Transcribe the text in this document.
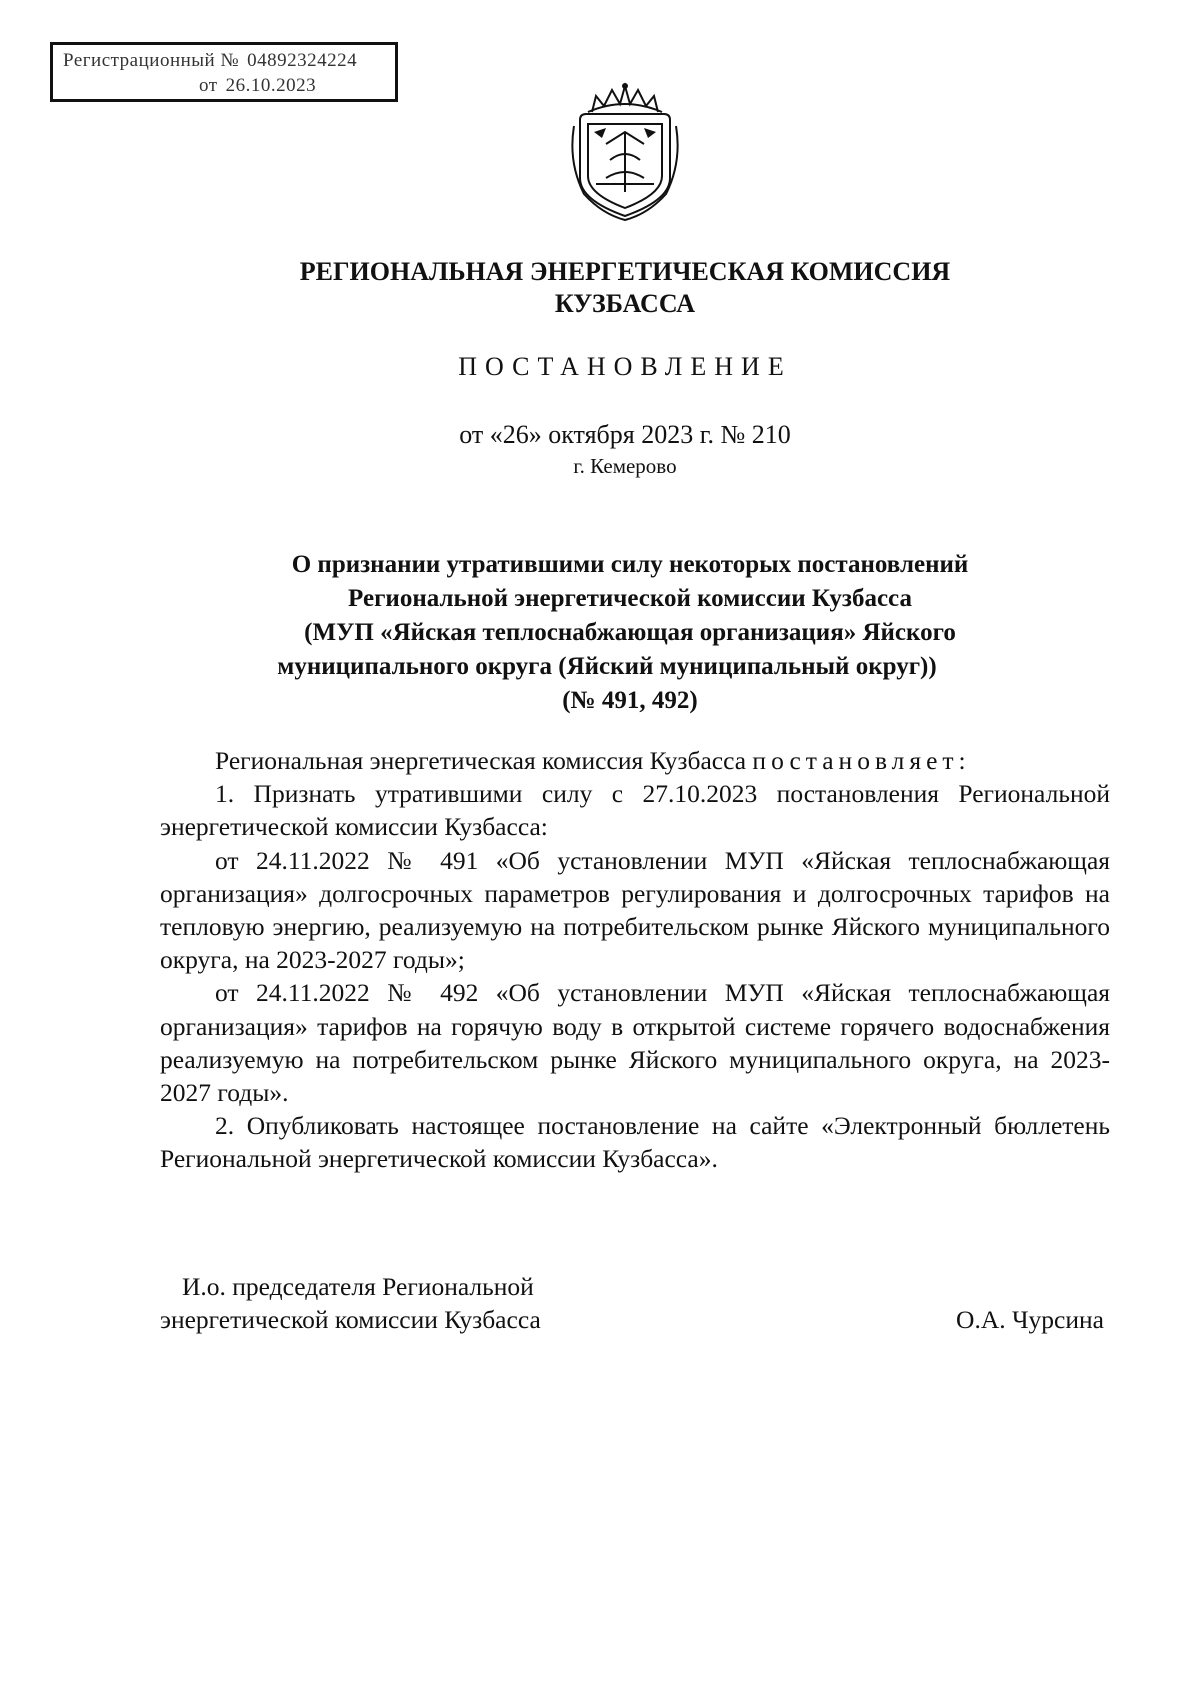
Регистрационный № 04892324224
от 26.10.2023
РЕГИОНАЛЬНАЯ ЭНЕРГЕТИЧЕСКАЯ КОМИССИЯ
КУЗБАССА
ПОСТАНОВЛЕНИЕ
от «26» октября 2023 г. № 210
г. Кемерово
О признании утратившими силу некоторых постановлений
Региональной энергетической комиссии Кузбасса
(МУП «Яйская теплоснабжающая организация» Яйского
муниципального округа (Яйский муниципальный округ))
(№ 491, 492)

Региональная энергетическая комиссия Кузбасса постановляет:

1. Признать утратившими силу с 27.10.2023 постановления Региональной энергетической комиссии Кузбасса:

от 24.11.2022 № 491 «Об установлении МУП «Яйская теплоснабжающая организация» долгосрочных параметров регулирования и долгосрочных тарифов на тепловую энергию, реализуемую на потребительском рынке Яйского муниципального округа, на 2023-2027 годы»;

от 24.11.2022 № 492 «Об установлении МУП «Яйская теплоснабжающая организация» тарифов на горячую воду в открытой системе горячего водоснабжения реализуемую на потребительском рынке Яйского муниципального округа, на 2023-2027 годы».

2. Опубликовать настоящее постановление на сайте «Электронный бюллетень Региональной энергетической комиссии Кузбасса».

И.о. председателя Региональной
энергетической комиссии Кузбасса	О.А. Чурсина
